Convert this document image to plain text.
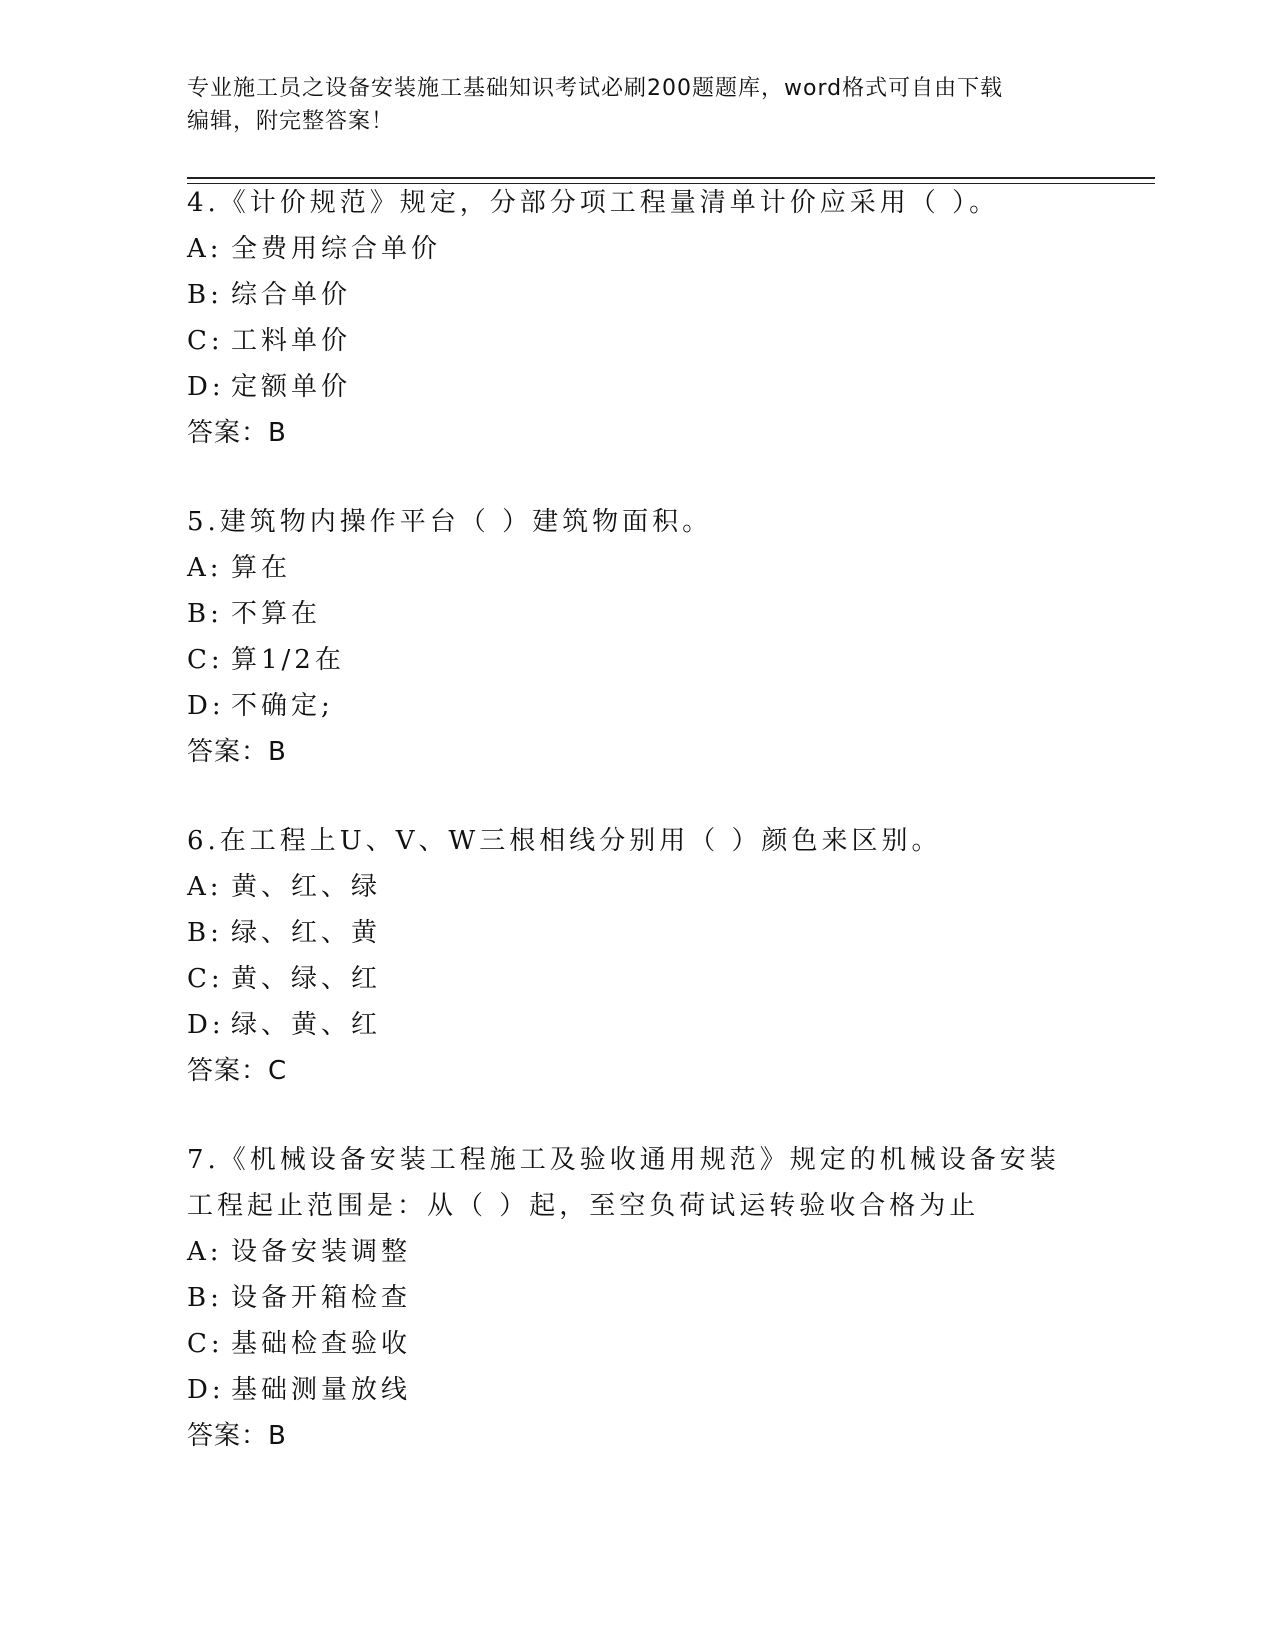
专业施工员之设备安装施工基础知识考试必刷200题题库，word格式可自由下载
编辑，附完整答案！

4.《计价规范》规定，分部分项工程量清单计价应采用（ ）。

A: 全费用综合单价

B: 综合单价

C: 工料单价

D: 定额单价

答案：B

5.建筑物内操作平台（ ）建筑物面积。

A: 算在

B: 不算在

C: 算1/2在

D: 不确定;

答案：B

6.在工程上U、V、W三根相线分别用（ ）颜色来区别。

A: 黄、红、绿

B: 绿、红、黄

C: 黄、绿、红

D: 绿、黄、红

答案：C

7.《机械设备安装工程施工及验收通用规范》规定的机械设备安装工程起止范围是：从（ ）起，至空负荷试运转验收合格为止

A: 设备安装调整

B: 设备开箱检查

C: 基础检查验收

D: 基础测量放线

答案：B
